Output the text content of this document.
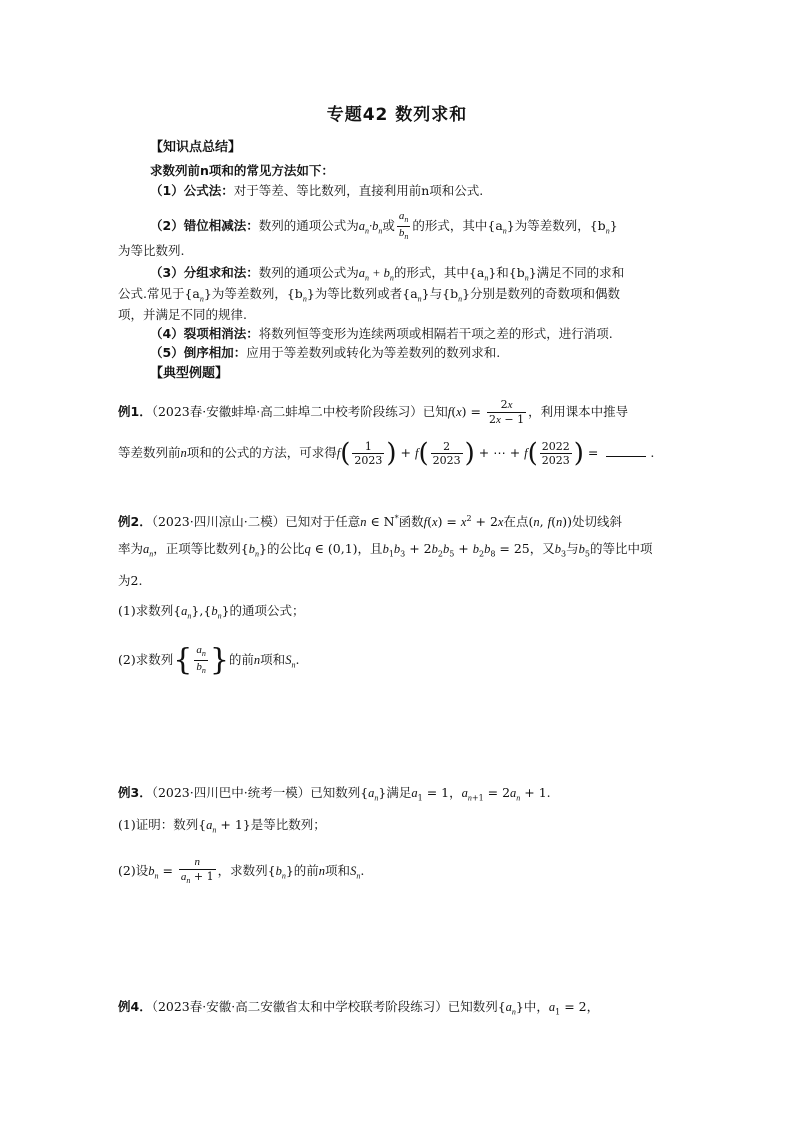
专题42 数列求和
【知识点总结】
求数列前n项和的常见方法如下：
（1）公式法：对于等差、等比数列，直接利用前n项和公式.
（2）错位相减法：数列的通项公式为$a_n\cdot b_n$或 $\frac{a_n}{b_n}$ 的形式，其中$\{a_n\}$为等差数列，$\{b_n\}$
为等比数列.
（3）分组求和法：数列的通项公式为$a_n + b_n$的形式，其中$\{a_n\}$和$\{b_n\}$满足不同的求和
公式.常见于$\{a_n\}$为等差数列，$\{b_n\}$为等比数列或者$\{a_n\}$与$\{b_n\}$分别是数列的奇数项和偶数
项，并满足不同的规律.
（4）裂项相消法：将数列恒等变形为连续两项或相隔若干项之差的形式，进行消项.
（5）倒序相加：应用于等差数列或转化为等差数列的数列求和.
【典型例题】
例1．（2023春·安徽蚌埠·高二蚌埠二中校考阶段练习）已知$f(x) = \frac{2x}{2x - 1}$ ，利用课本中推导
等差数列前n项和的公式的方法，可求得$f( \frac{1}{2023}$ ) + $f( \frac{2}{2023}$ ) + ⋯ + $f( \frac{2022}{2023}$ ) =	.
例2．（2023·四川凉山·二模）已知对于任意n ∈ N*函数$f(x) = x^2 + 2x$在点(n, f(n))处切线斜
率为$a_n$，正项等比数列$\{b_n\}$的公比q ∈ (0,1)，且$b_1b_3 + 2b_2b_5 + b_2b_8 = 25$，又$b_3$与$b_5$的等比中项
为2.
(1)求数列$\{a_n\},\{b_n\}$的通项公式；
(2)求数列{ $\frac{a_n}{b_n}$ }的前n项和$S_n$.
例3．（2023·四川巴中·统考一模）已知数列$\{a_n\}$满足$a_1 = 1$，$a_{n+1} = 2a_n + 1$.
(1)证明：数列$\{a_n + 1\}$是等比数列；
(2)设$b_n = \frac{n}{a_n + 1}$ ，求数列$\{b_n\}$的前n项和$S_n$.
例4．（2023春·安徽·高二安徽省太和中学校联考阶段练习）已知数列$\{a_n\}$中，$a_1 = 2$，
